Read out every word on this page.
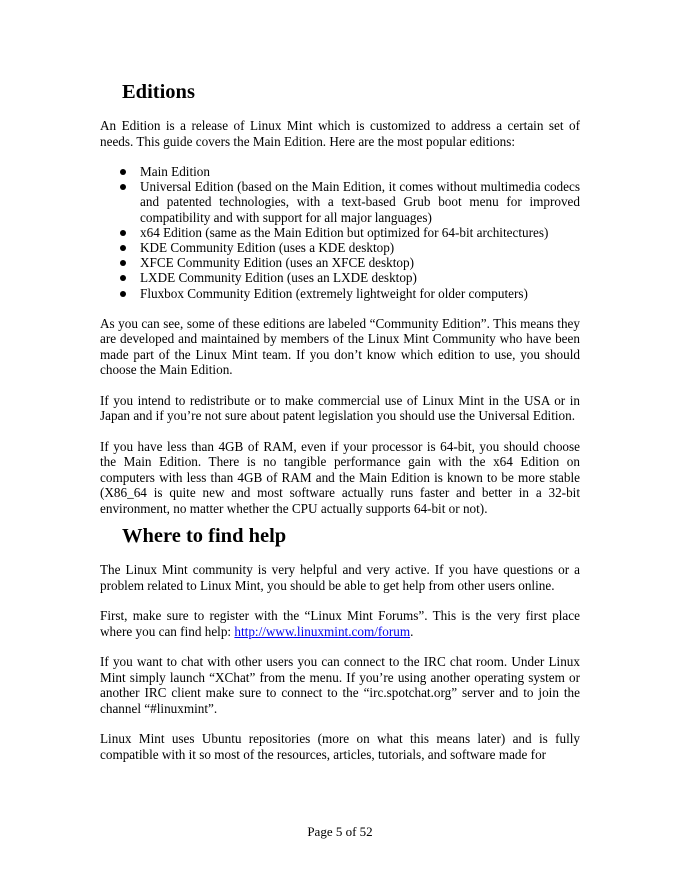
Editions

An Edition is a release of Linux Mint which is customized to address a certain set of needs. This guide covers the Main Edition. Here are the most popular editions:

Main Edition
Universal Edition (based on the Main Edition, it comes without multimedia codecs and patented technologies, with a text-based Grub boot menu for improved compatibility and with support for all major languages)
x64 Edition (same as the Main Edition but optimized for 64-bit architectures)
KDE Community Edition (uses a KDE desktop)
XFCE Community Edition (uses an XFCE desktop)
LXDE Community Edition (uses an LXDE desktop)
Fluxbox Community Edition (extremely lightweight for older computers)

As you can see, some of these editions are labeled “Community Edition”. This means they are developed and maintained by members of the Linux Mint Community who have been made part of the Linux Mint team. If you don’t know which edition to use, you should choose the Main Edition.

If you intend to redistribute or to make commercial use of Linux Mint in the USA or in Japan and if you’re not sure about patent legislation you should use the Universal Edition.

If you have less than 4GB of RAM, even if your processor is 64-bit, you should choose the Main Edition. There is no tangible performance gain with the x64 Edition on computers with less than 4GB of RAM and the Main Edition is known to be more stable (X86_64 is quite new and most software actually runs faster and better in a 32-bit environment, no matter whether the CPU actually supports 64-bit or not).

Where to find help

The Linux Mint community is very helpful and very active. If you have questions or a problem related to Linux Mint, you should be able to get help from other users online.

First, make sure to register with the “Linux Mint Forums”. This is the very first place where you can find help: http://www.linuxmint.com/forum.

If you want to chat with other users you can connect to the IRC chat room. Under Linux Mint simply launch “XChat” from the menu. If you’re using another operating system or another IRC client make sure to connect to the “irc.spotchat.org” server and to join the channel “#linuxmint”.

Linux Mint uses Ubuntu repositories (more on what this means later) and is fully compatible with it so most of the resources, articles, tutorials, and software made for

Page 5 of 52
